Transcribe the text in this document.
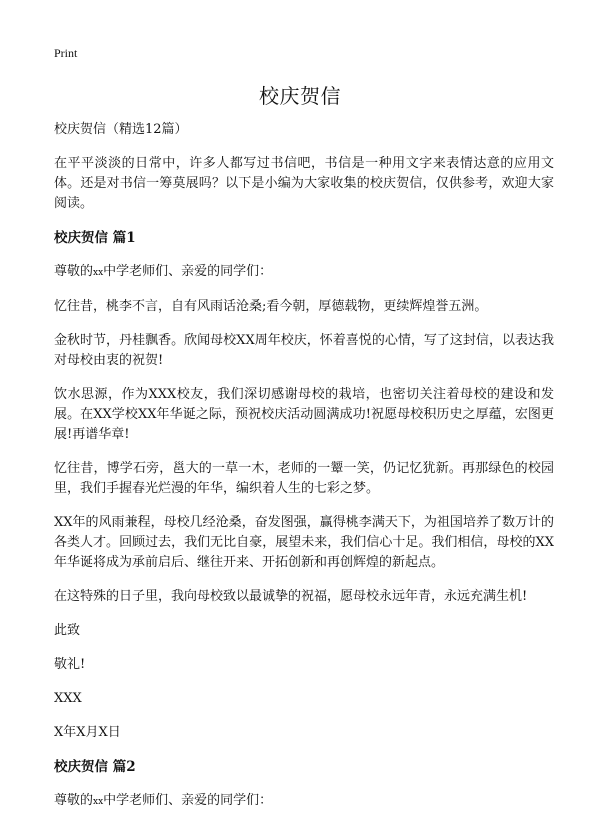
Print
校庆贺信

校庆贺信（精选12篇）

在平平淡淡的日常中，许多人都写过书信吧，书信是一种用文字来表情达意的应用文体。还是对书信一筹莫展吗？以下是小编为大家收集的校庆贺信，仅供参考，欢迎大家阅读。

校庆贺信 篇1

尊敬的xx中学老师们、亲爱的同学们：

忆往昔，桃李不言，自有风雨话沧桑;看今朝，厚德载物，更续辉煌誉五洲。

金秋时节，丹桂飘香。欣闻母校XX周年校庆，怀着喜悦的心情，写了这封信，以表达我对母校由衷的祝贺!

饮水思源，作为XXX校友，我们深切感谢母校的栽培，也密切关注着母校的建设和发展。在XX学校XX年华诞之际，预祝校庆活动圆满成功!祝愿母校积历史之厚蕴，宏图更展!再谱华章!

忆往昔，博学石旁，邕大的一草一木，老师的一颦一笑，仍记忆犹新。再那绿色的校园里，我们手握春光烂漫的年华，编织着人生的七彩之梦。

XX年的风雨兼程，母校几经沧桑，奋发图强，赢得桃李满天下，为祖国培养了数万计的各类人才。回顾过去，我们无比自豪，展望未来，我们信心十足。我们相信，母校的XX年华诞将成为承前启后、继往开来、开拓创新和再创辉煌的新起点。

在这特殊的日子里，我向母校致以最诚挚的祝福，愿母校永远年青，永远充满生机!

此致

敬礼!

XXX

X年X月X日

校庆贺信 篇2

尊敬的xx中学老师们、亲爱的同学们：
